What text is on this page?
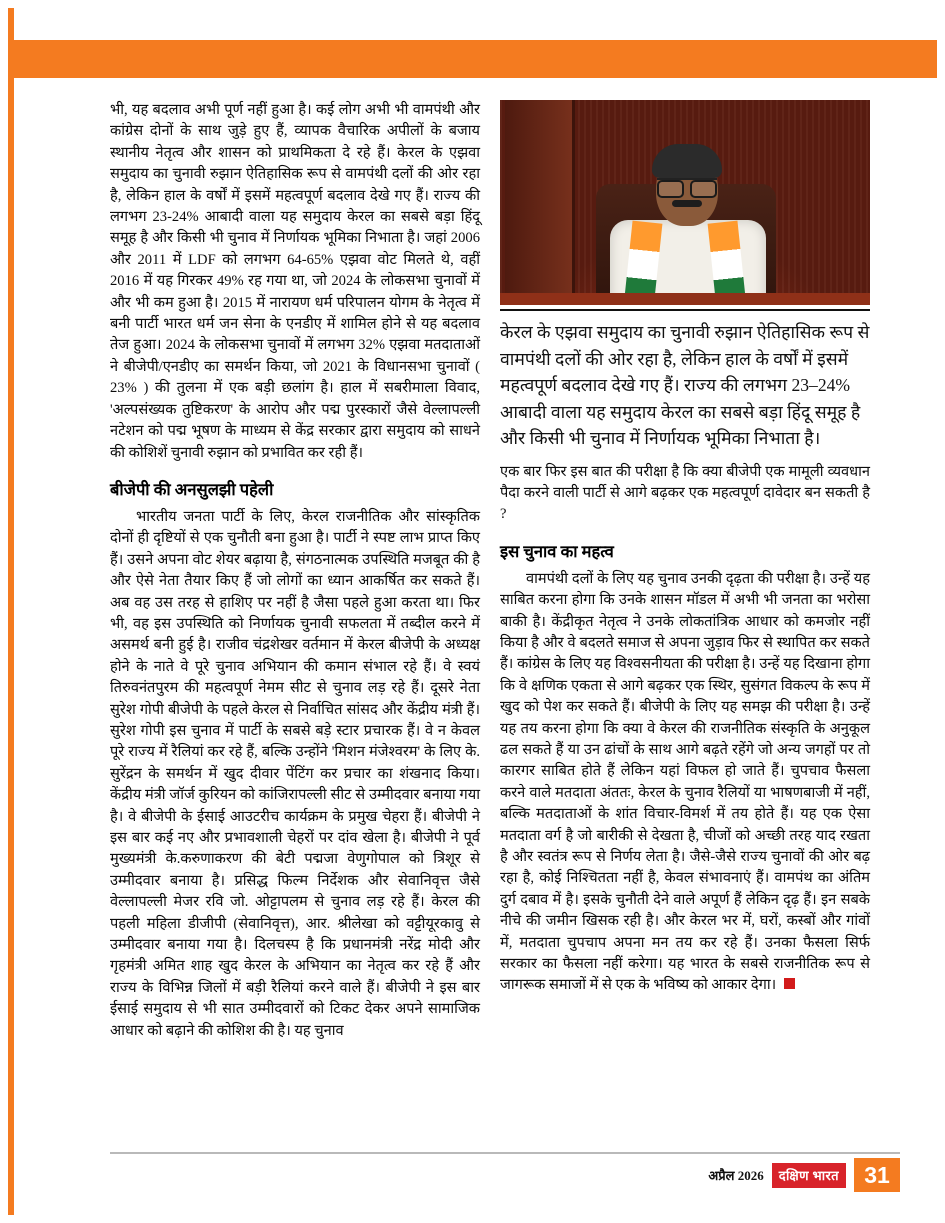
भी, यह बदलाव अभी पूर्ण नहीं हुआ है। कई लोग अभी भी वामपंथी और कांग्रेस दोनों के साथ जुड़े हुए हैं, व्यापक वैचारिक अपीलों के बजाय स्थानीय नेतृत्व और शासन को प्राथमिकता दे रहे हैं। केरल के एझवा समुदाय का चुनावी रुझान ऐतिहासिक रूप से वामपंथी दलों की ओर रहा है, लेकिन हाल के वर्षों में इसमें महत्वपूर्ण बदलाव देखे गए हैं। राज्य की लगभग 23-24% आबादी वाला यह समुदाय केरल का सबसे बड़ा हिंदू समूह है और किसी भी चुनाव में निर्णायक भूमिका निभाता है। जहां 2006 और 2011 में LDF को लगभग 64-65% एझवा वोट मिलते थे, वहीं 2016 में यह गिरकर 49% रह गया था, जो 2024 के लोकसभा चुनावों में और भी कम हुआ है। 2015 में नारायण धर्म परिपालन योगम के नेतृत्व में बनी पार्टी भारत धर्म जन सेना के एनडीए में शामिल होने से यह बदलाव तेज हुआ। 2024 के लोकसभा चुनावों में लगभग 32% एझवा मतदाताओं ने बीजेपी/एनडीए का समर्थन किया, जो 2021 के विधानसभा चुनावों ( 23% ) की तुलना में एक बड़ी छलांग है। हाल में सबरीमाला विवाद, 'अल्पसंख्यक तुष्टिकरण' के आरोप और पद्म पुरस्कारों जैसे वेल्लापल्ली नटेशन को पद्म भूषण के माध्यम से केंद्र सरकार द्वारा समुदाय को साधने की कोशिशें चुनावी रुझान को प्रभावित कर रही हैं।

बीजेपी की अनसुलझी पहेली

भारतीय जनता पार्टी के लिए, केरल राजनीतिक और सांस्कृतिक दोनों ही दृष्टियों से एक चुनौती बना हुआ है। पार्टी ने स्पष्ट लाभ प्राप्त किए हैं। उसने अपना वोट शेयर बढ़ाया है, संगठनात्मक उपस्थिति मजबूत की है और ऐसे नेता तैयार किए हैं जो लोगों का ध्यान आकर्षित कर सकते हैं। अब वह उस तरह से हाशिए पर नहीं है जैसा पहले हुआ करता था। फिर भी, वह इस उपस्थिति को निर्णायक चुनावी सफलता में तब्दील करने में असमर्थ बनी हुई है। राजीव चंद्रशेखर वर्तमान में केरल बीजेपी के अध्यक्ष होने के नाते वे पूरे चुनाव अभियान की कमान संभाल रहे हैं। वे स्वयं तिरुवनंतपुरम की महत्वपूर्ण नेमम सीट से चुनाव लड़ रहे हैं। दूसरे नेता सुरेश गोपी बीजेपी के पहले केरल से निर्वाचित सांसद और केंद्रीय मंत्री हैं। सुरेश गोपी इस चुनाव में पार्टी के सबसे बड़े स्टार प्रचारक हैं। वे न केवल पूरे राज्य में रैलियां कर रहे हैं, बल्कि उन्होंने 'मिशन मंजेश्वरम' के लिए के. सुरेंद्रन के समर्थन में खुद दीवार पेंटिंग कर प्रचार का शंखनाद किया। केंद्रीय मंत्री जॉर्ज कुरियन को कांजिरापल्ली सीट से उम्मीदवार बनाया गया है। वे बीजेपी के ईसाई आउटरीच कार्यक्रम के प्रमुख चेहरा हैं। बीजेपी ने इस बार कई नए और प्रभावशाली चेहरों पर दांव खेला है। बीजेपी ने पूर्व मुख्यमंत्री के.करुणाकरण की बेटी पद्मजा वेणुगोपाल को त्रिशूर से उम्मीदवार बनाया है। प्रसिद्ध फिल्म निर्देशक और सेवानिवृत्त जैसे वेल्लापल्ली मेजर रवि जो. ओट्टापलम से चुनाव लड़ रहे हैं। केरल की पहली महिला डीजीपी (सेवानिवृत्त), आर. श्रीलेखा को वट्टीयूरकावु से उम्मीदवार बनाया गया है। दिलचस्प है कि प्रधानमंत्री नरेंद्र मोदी और गृहमंत्री अमित शाह खुद केरल के अभियान का नेतृत्व कर रहे हैं और राज्य के विभिन्न जिलों में बड़ी रैलियां करने वाले हैं। बीजेपी ने इस बार ईसाई समुदाय से भी सात उम्मीदवारों को टिकट देकर अपने सामाजिक आधार को बढ़ाने की कोशिश की है। यह चुनाव

केरल के एझवा समुदाय का चुनावी रुझान ऐतिहासिक रूप से वामपंथी दलों की ओर रहा है, लेकिन हाल के वर्षों में इसमें महत्वपूर्ण बदलाव देखे गए हैं। राज्य की लगभग 23–24% आबादी वाला यह समुदाय केरल का सबसे बड़ा हिंदू समूह है और किसी भी चुनाव में निर्णायक भूमिका निभाता है।

एक बार फिर इस बात की परीक्षा है कि क्या बीजेपी एक मामूली व्यवधान पैदा करने वाली पार्टी से आगे बढ़कर एक महत्वपूर्ण दावेदार बन सकती है ?

इस चुनाव का महत्व

वामपंथी दलों के लिए यह चुनाव उनकी दृढ़ता की परीक्षा है। उन्हें यह साबित करना होगा कि उनके शासन मॉडल में अभी भी जनता का भरोसा बाकी है। केंद्रीकृत नेतृत्व ने उनके लोकतांत्रिक आधार को कमजोर नहीं किया है और वे बदलते समाज से अपना जुड़ाव फिर से स्थापित कर सकते हैं। कांग्रेस के लिए यह विश्वसनीयता की परीक्षा है। उन्हें यह दिखाना होगा कि वे क्षणिक एकता से आगे बढ़कर एक स्थिर, सुसंगत विकल्प के रूप में खुद को पेश कर सकते हैं। बीजेपी के लिए यह समझ की परीक्षा है। उन्हें यह तय करना होगा कि क्या वे केरल की राजनीतिक संस्कृति के अनुकूल ढल सकते हैं या उन ढांचों के साथ आगे बढ़ते रहेंगे जो अन्य जगहों पर तो कारगर साबित होते हैं लेकिन यहां विफल हो जाते हैं। चुपचाव फैसला करने वाले मतदाता अंततः, केरल के चुनाव रैलियों या भाषणबाजी में नहीं, बल्कि मतदाताओं के शांत विचार-विमर्श में तय होते हैं। यह एक ऐसा मतदाता वर्ग है जो बारीकी से देखता है, चीजों को अच्छी तरह याद रखता है और स्वतंत्र रूप से निर्णय लेता है। जैसे-जैसे राज्य चुनावों की ओर बढ़ रहा है, कोई निश्चितता नहीं है, केवल संभावनाएं हैं। वामपंथ का अंतिम दुर्ग दबाव में है। इसके चुनौती देने वाले अपूर्ण हैं लेकिन दृढ़ हैं। इन सबके नीचे की जमीन खिसक रही है। और केरल भर में, घरों, कस्बों और गांवों में, मतदाता चुपचाप अपना मन तय कर रहे हैं। उनका फैसला सिर्फ सरकार का फैसला नहीं करेगा। यह भारत के सबसे राजनीतिक रूप से जागरूक समाजों में से एक के भविष्य को आकार देगा।

अप्रैल 2026	दक्षिण भारत	31
